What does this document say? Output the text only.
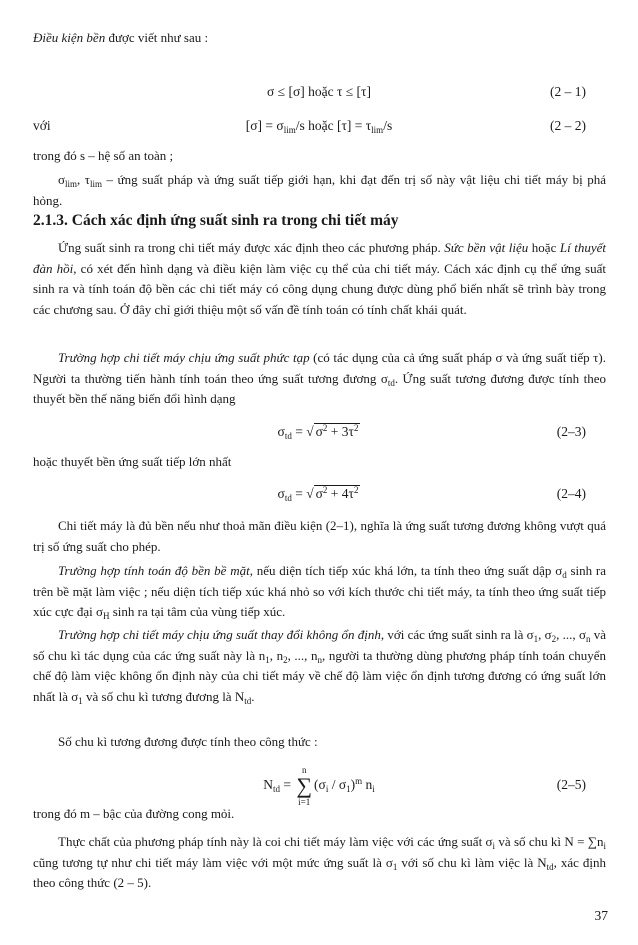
Điều kiện bền được viết như sau :
σ ≤ [σ] hoặc τ ≤ [τ]	(2 – 1)
với	$[\sigma] = \sigma_{lim}/s$ hoặc $[\tau] = \tau_{lim}/s$	(2 – 2)
trong đó s – hệ số an toàn ;
$\sigma_{lim}$, $\tau_{lim}$ – ứng suất pháp và ứng suất tiếp giới hạn, khi đạt đến trị số này vật liệu chi tiết máy bị phá hỏng.
2.1.3. Cách xác định ứng suất sinh ra trong chi tiết máy
Ứng suất sinh ra trong chi tiết máy được xác định theo các phương pháp. Sức bền vật liệu hoặc Lí thuyết đàn hồi, có xét đến hình dạng và điều kiện làm việc cụ thể của chi tiết máy. Cách xác định cụ thể ứng suất sinh ra và tính toán độ bền các chi tiết máy có công dụng chung được dùng phổ biến nhất sẽ trình bày trong các chương sau. Ở đây chỉ giới thiệu một số vấn đề tính toán có tính chất khái quát.
Trường hợp chi tiết máy chịu ứng suất phức tạp (có tác dụng của cả ứng suất pháp σ và ứng suất tiếp τ). Người ta thường tiến hành tính toán theo ứng suất tương đương $\sigma_{td}$. Ứng suất tương đương được tính theo thuyết bền thế năng biến đổi hình dạng
$\sigma_{td}$ = √ $\sigma^2 + 3\tau^2$	(2–3)
hoặc thuyết bền ứng suất tiếp lớn nhất
$\sigma_{td}$ = √ $\sigma^2 + 4\tau^2$	(2–4)
Chi tiết máy là đủ bền nếu như thoả mãn điều kiện (2–1), nghĩa là ứng suất tương đương không vượt quá trị số ứng suất cho phép.
Trường hợp tính toán độ bền bề mặt, nếu diện tích tiếp xúc khá lớn, ta tính theo ứng suất dập $\sigma_d$ sinh ra trên bề mặt làm việc ; nếu diện tích tiếp xúc khá nhỏ so với kích thước chi tiết máy, ta tính theo ứng suất tiếp xúc cực đại $\sigma_H$ sinh ra tại tâm của vùng tiếp xúc.
Trường hợp chi tiết máy chịu ứng suất thay đổi không ổn định, với các ứng suất sinh ra là $\sigma_1$, $\sigma_2$, ..., $\sigma_n$ và số chu kì tác dụng của các ứng suất này là $n_1$, $n_2$, ..., $n_n$, người ta thường dùng phương pháp tính toán chuyển chế độ làm việc không ổn định này của chi tiết máy về chế độ làm việc ổn định tương đương có ứng suất lớn nhất là $\sigma_1$ và số chu kì tương đương là $N_{td}$.
Số chu kì tương đương được tính theo công thức :
$N_{td}$ =
n
∑
i=1
$(\sigma_i / \sigma_1)^m$ $n_i$	(2–5)
trong đó m – bậc của đường cong mỏi.
Thực chất của phương pháp tính này là coi chi tiết máy làm việc với các ứng suất $\sigma_i$ và số chu kì $N = \sum n_i$ cũng tương tự như chi tiết máy làm việc với một mức ứng suất là $\sigma_1$ với số chu kì làm việc là $N_{td}$, xác định theo công thức (2 – 5).
37
